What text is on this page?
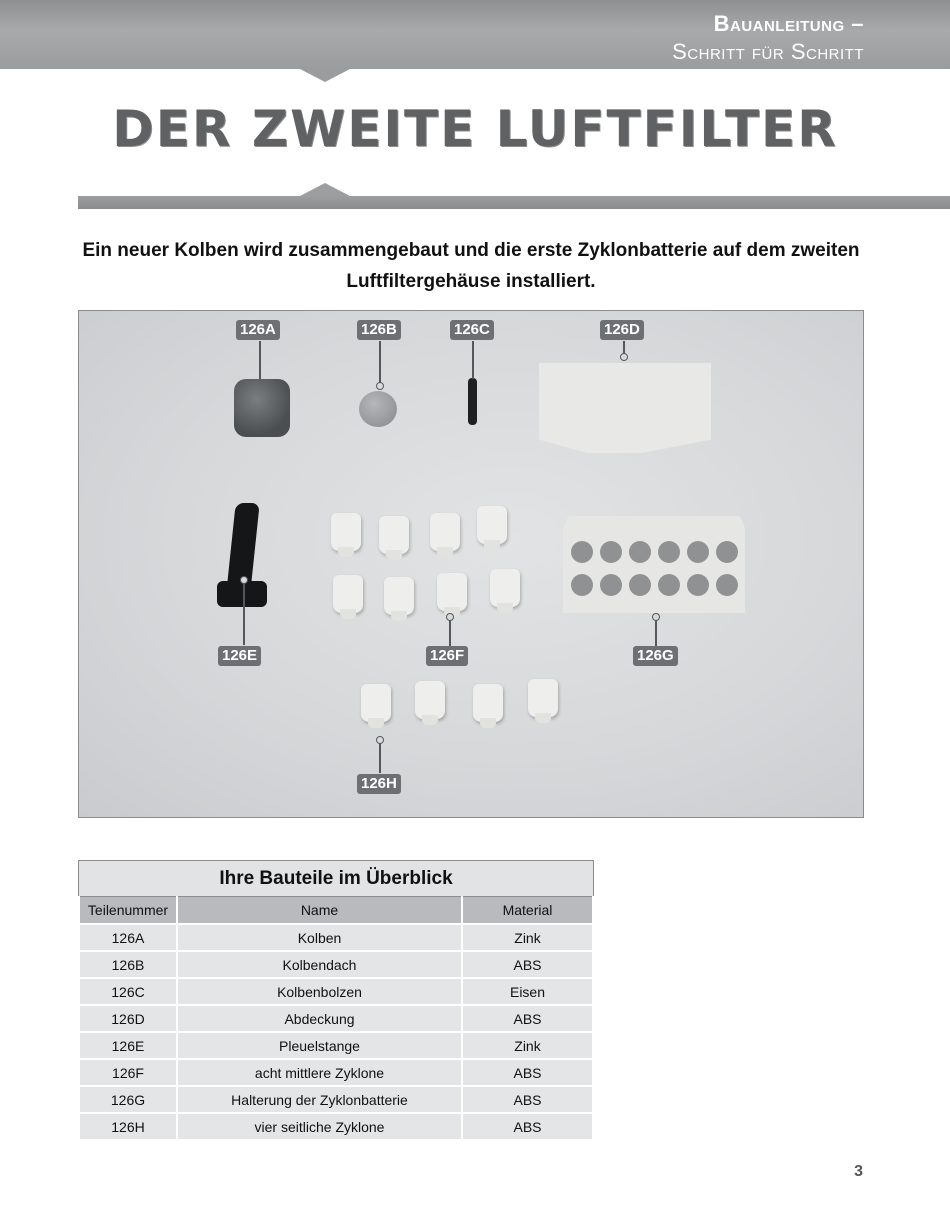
Bauanleitung –
Schritt für Schritt
DER ZWEITE LUFTFILTER
Ein neuer Kolben wird zusammengebaut und die erste Zyklonbatterie auf dem zweiten Luftfiltergehäuse installiert.
126A	126B	126C	126D
126E	126F	126G
126H
Ihre Bauteile im Überblick
Teilenummer	Name	Material
126A	Kolben	Zink
126B	Kolbendach	ABS
126C	Kolbenbolzen	Eisen
126D	Abdeckung	ABS
126E	Pleuelstange	Zink
126F	acht mittlere Zyklone	ABS
126G	Halterung der Zyklonbatterie	ABS
126H	vier seitliche Zyklone	ABS
3
